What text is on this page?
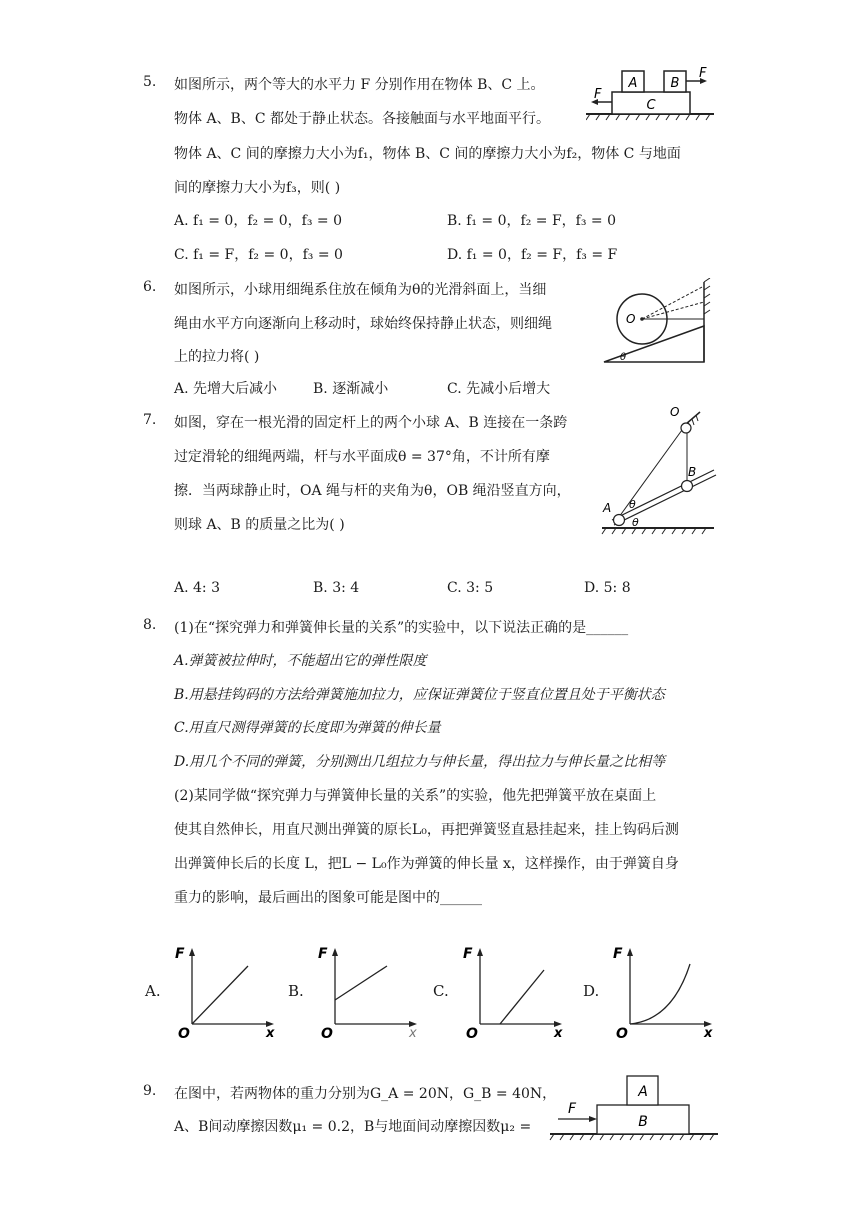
5. 如图所示，两个等大的水平力 F 分别作用在物体 B、C 上。
物体 A、B、C 都处于静止状态。各接触面与水平地面平行。
物体 A、C 间的摩擦力大小为f₁，物体 B、C 间的摩擦力大小为f₂，物体 C 与地面
间的摩擦力大小为f₃，则( )
A. f₁ = 0，f₂ = 0，f₃ = 0	B. f₁ = 0，f₂ = F，f₃ = 0
C. f₁ = F，f₂ = 0，f₃ = 0	D. f₁ = 0，f₂ = F，f₃ = F
C
A	B
F
F
6. 如图所示，小球用细绳系住放在倾角为θ的光滑斜面上，当细
绳由水平方向逐渐向上移动时，球始终保持静止状态，则细绳
上的拉力将( )
A. 先增大后减小	B. 逐渐减小	C. 先减小后增大
O
θ
7. 如图，穿在一根光滑的固定杆上的两个小球 A、B 连接在一条跨
过定滑轮的细绳两端，杆与水平面成θ = 37°角，不计所有摩
擦．当两球静止时，OA 绳与杆的夹角为θ，OB 绳沿竖直方向，
则球 A、B 的质量之比为( )
A. 4: 3	B. 3: 4	C. 3: 5	D. 5: 8
O
A
B
θ
θ
8. (1)在“探究弹力和弹簧伸长量的关系”的实验中，以下说法正确的是______
A.弹簧被拉伸时，不能超出它的弹性限度
B.用悬挂钩码的方法给弹簧施加拉力，应保证弹簧位于竖直位置且处于平衡状态
C.用直尺测得弹簧的长度即为弹簧的伸长量
D.用几个不同的弹簧，分别测出几组拉力与伸长量，得出拉力与伸长量之比相等
(2)某同学做“探究弹力与弹簧伸长量的关系”的实验，他先把弹簧平放在桌面上
使其自然伸长，用直尺测出弹簧的原长L₀，再把弹簧竖直悬挂起来，挂上钩码后测
出弹簧伸长后的长度 L，把L − L₀作为弹簧的伸长量 x，这样操作，由于弹簧自身
重力的影响，最后画出的图象可能是图中的______
A.
F
O	x
B.
F
O	x
C.
F
O	x
D.
F
O	x
9. 在图中，若两物体的重力分别为G_A = 20N，G_B = 40N，
A、B间动摩擦因数μ₁ = 0.2，B与地面间动摩擦因数μ₂ =	B
A
F
